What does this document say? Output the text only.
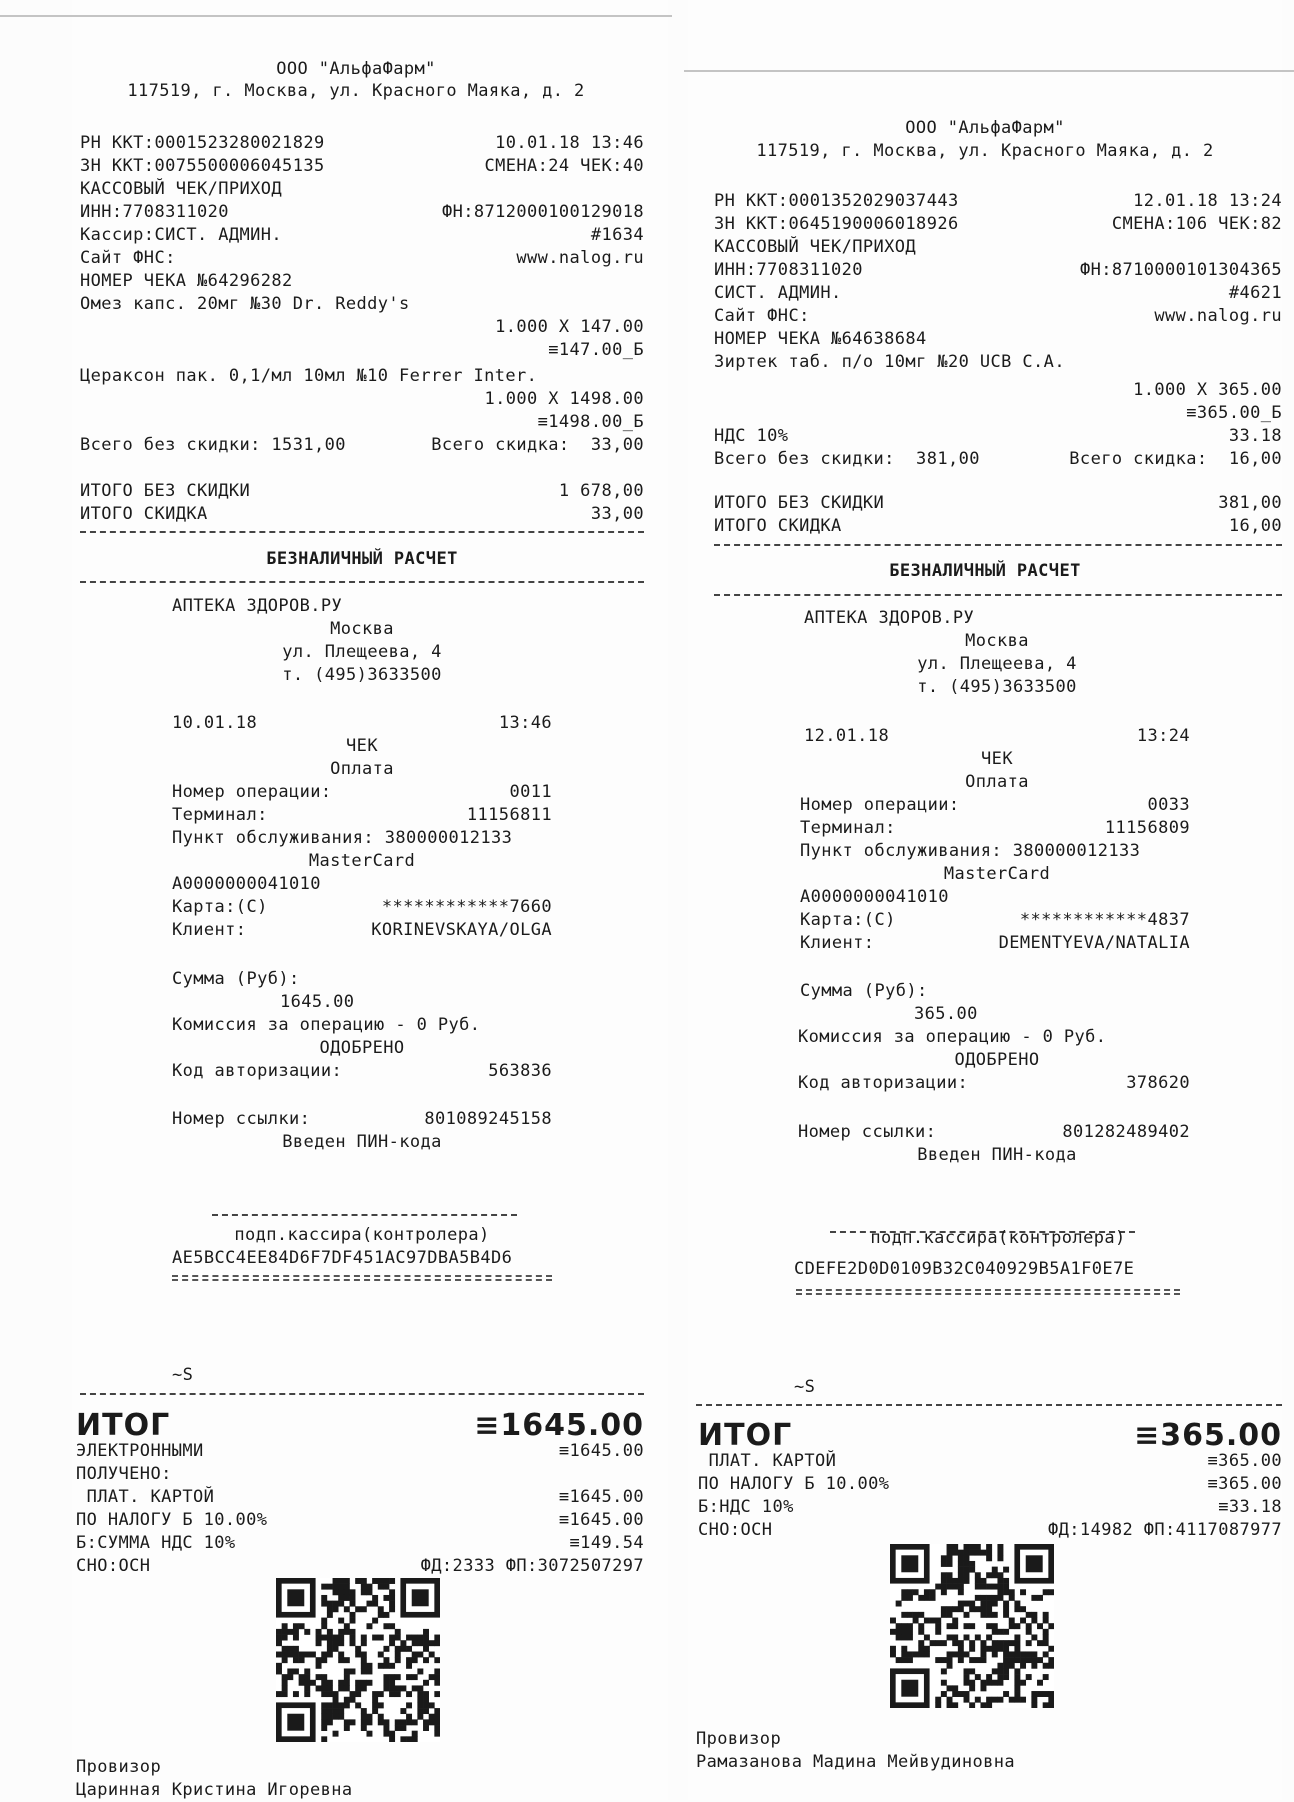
ООО "АльфаФарм"
117519, г. Москва, ул. Красного Маяка, д. 2
РН ККТ:0001523280021829	10.01.18 13:46
ЗН ККТ:0075500006045135	СМЕНА:24 ЧЕК:40
КАССОВЫЙ ЧЕК/ПРИХОД
ИНН:7708311020	ФН:8712000100129018
Кассир:СИСТ. АДМИН.	#1634
Сайт ФНС:	www.nalog.ru
НОМЕР ЧЕКА №64296282
Омез капс. 20мг №30 Dr. Reddy's
1.000 X 147.00
≡147.00_Б
Цераксон пак. 0,1/мл 10мл №10 Ferrer Inter.
1.000 X 1498.00
≡1498.00_Б
Всего без скидки: 1531,00	Всего скидка:  33,00
ИТОГО БЕЗ СКИДКИ	1 678,00
ИТОГО СКИДКА	33,00
БЕЗНАЛИЧНЫЙ РАСЧЕТ
АПТЕКА ЗДОРОВ.РУ
Москва
ул. Плещеева, 4
т. (495)3633500
10.01.18	13:46
ЧЕК
Оплата
Номер операции:	0011
Терминал:	11156811
Пункт обслуживания: 380000012133
MasterCard
A0000000041010
Карта:(C)	************7660
Клиент:	KORINEVSKAYA/OLGA
Сумма (Руб):
1645.00
Комиссия за операцию - 0 Руб.
ОДОБРЕНО
Код авторизации:	563836
Номер ссылки:	801089245158
Введен ПИН-кода
подп.кассира(контролера)
AE5BCC4EE84D6F7DF451AC97DBA5B4D6
~S
ИТОГ	≡1645.00
ЭЛЕКТРОННЫМИ	≡1645.00
ПОЛУЧЕНО:
ПЛАТ. КАРТОЙ	≡1645.00
ПО НАЛОГУ Б 10.00%	≡1645.00
Б:СУММА НДС 10%	≡149.54
СНО:ОСН	ФД:2333 ФП:3072507297
Провизор
Царинная Кристина Игоревна
ООО "АльфаФарм"
117519, г. Москва, ул. Красного Маяка, д. 2
РН ККТ:0001352029037443	12.01.18 13:24
ЗН ККТ:0645190006018926	СМЕНА:106 ЧЕК:82
КАССОВЫЙ ЧЕК/ПРИХОД
ИНН:7708311020	ФН:8710000101304365
СИСТ. АДМИН.	#4621
Сайт ФНС:	www.nalog.ru
НОМЕР ЧЕКА №64638684
Зиртек таб. п/о 10мг №20 UCB С.А.
1.000 X 365.00
≡365.00_Б
НДС 10%	33.18
Всего без скидки:  381,00	Всего скидка:  16,00
ИТОГО БЕЗ СКИДКИ	381,00
ИТОГО СКИДКА	16,00
БЕЗНАЛИЧНЫЙ РАСЧЕТ
АПТЕКА ЗДОРОВ.РУ
Москва
ул. Плещеева, 4
т. (495)3633500
12.01.18	13:24
ЧЕК
Оплата
Номер операции:	0033
Терминал:	11156809
Пункт обслуживания: 380000012133
MasterCard
A0000000041010
Карта:(C)	************4837
Клиент:	DEMENTYEVA/NATALIA
Сумма (Руб):
365.00
Комиссия за операцию - 0 Руб.
ОДОБРЕНО
Код авторизации:	378620
Номер ссылки:	801282489402
Введен ПИН-кода
подп.кассира(контролера)
CDEFE2D0D0109B32C040929B5A1F0E7E
~S
ИТОГ	≡365.00
ПЛАТ. КАРТОЙ	≡365.00
ПО НАЛОГУ Б 10.00%	≡365.00
Б:НДС 10%	≡33.18
СНО:ОСН	ФД:14982 ФП:4117087977
Провизор
Рамазанова Мадина Мейвудиновна
